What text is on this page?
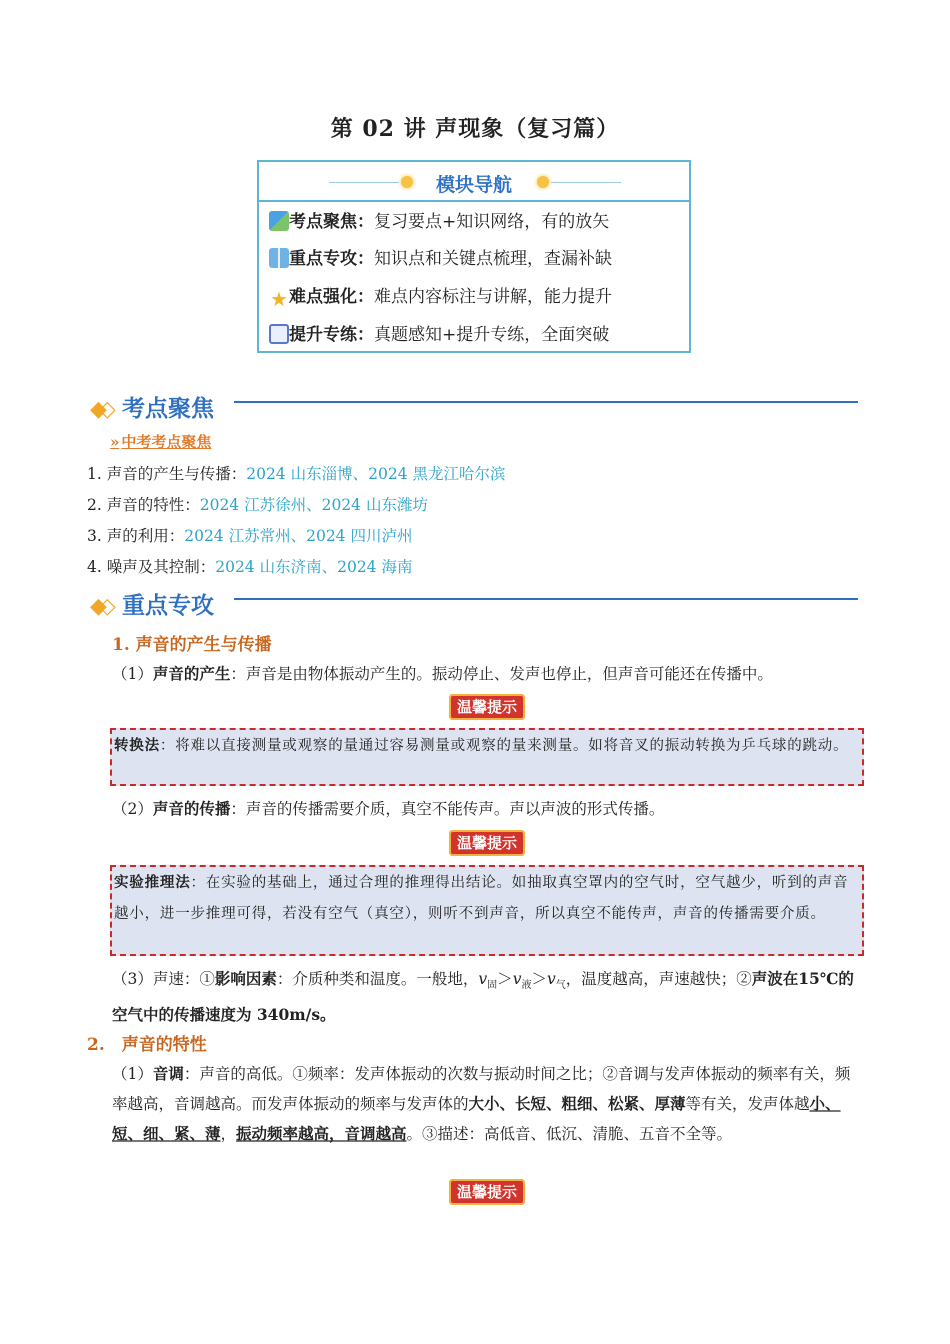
第 02 讲 声现象（复习篇）
模块导航
考点聚焦：复习要点+知识网络，有的放矢
重点专攻：知识点和关键点梳理，查漏补缺
★难点强化：难点内容标注与讲解，能力提升
提升专练：真题感知+提升专练，全面突破
◆◇ 考点聚焦
» 中考考点聚焦
1. 声音的产生与传播：2024 山东淄博、2024 黑龙江哈尔滨
2. 声音的特性：2024 江苏徐州、2024 山东潍坊
3. 声的利用：2024 江苏常州、2024 四川泸州
4. 噪声及其控制：2024 山东济南、2024 海南
◆◇ 重点专攻
1. 声音的产生与传播
（1）声音的产生：声音是由物体振动产生的。振动停止、发声也停止，但声音可能还在传播中。
温馨提示
转换法：将难以直接测量或观察的量通过容易测量或观察的量来测量。如将音叉的振动转换为乒乓球的跳动。
（2）声音的传播：声音的传播需要介质，真空不能传声。声以声波的形式传播。
温馨提示
实验推理法：在实验的基础上，通过合理的推理得出结论。如抽取真空罩内的空气时，空气越少，听到的声音越小，进一步推理可得，若没有空气（真空），则听不到声音，所以真空不能传声，声音的传播需要介质。
（3）声速：①影响因素：介质种类和温度。一般地，$v_固>v_液>v_气$，温度越高，声速越快；②声波在15℃的空气中的传播速度为 340m/s。
2.　声音的特性
（1）音调：声音的高低。①频率：发声体振动的次数与振动时间之比；②音调与发声体振动的频率有关，频率越高，音调越高。而发声体振动的频率与发声体的大小、长短、粗细、松紧、厚薄等有关，发声体越小、短、细、紧、薄，振动频率越高，音调越高。③描述：高低音、低沉、清脆、五音不全等。
温馨提示
